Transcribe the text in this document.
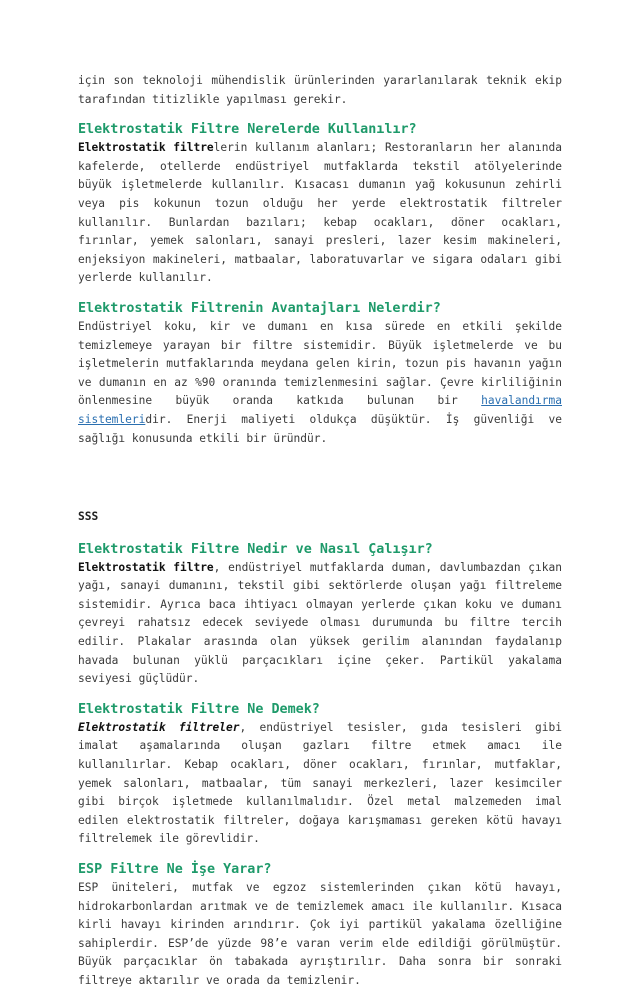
için son teknoloji mühendislik ürünlerinden yararlanılarak teknik ekip tarafından titizlikle yapılması gerekir.

Elektrostatik Filtre Nerelerde Kullanılır?

Elektrostatik filtrelerin kullanım alanları; Restoranların her alanında kafelerde, otellerde endüstriyel mutfaklarda tekstil atölyelerinde büyük işletmelerde kullanılır. Kısacası dumanın yağ kokusunun zehirli veya pis kokunun tozun olduğu her yerde elektrostatik filtreler kullanılır. Bunlardan bazıları; kebap ocakları, döner ocakları, fırınlar, yemek salonları, sanayi presleri, lazer kesim makineleri, enjeksiyon makineleri, matbaalar, laboratuvarlar ve sigara odaları gibi yerlerde kullanılır.

Elektrostatik Filtrenin Avantajları Nelerdir?

Endüstriyel koku, kir ve dumanı en kısa sürede en etkili şekilde temizlemeye yarayan bir filtre sistemidir. Büyük işletmelerde ve bu işletmelerin mutfaklarında meydana gelen kirin, tozun pis havanın yağın ve dumanın en az %90 oranında temizlenmesini sağlar. Çevre kirliliğinin önlenmesine büyük oranda katkıda bulunan bir havalandırma sistemleridir. Enerji maliyeti oldukça düşüktür. İş güvenliği ve sağlığı konusunda etkili bir üründür.

SSS
Elektrostatik Filtre Nedir ve Nasıl Çalışır?

Elektrostatik filtre, endüstriyel mutfaklarda duman, davlumbazdan çıkan yağı, sanayi dumanını, tekstil gibi sektörlerde oluşan yağı filtreleme sistemidir. Ayrıca baca ihtiyacı olmayan yerlerde çıkan koku ve dumanı çevreyi rahatsız edecek seviyede olması durumunda bu filtre tercih edilir. Plakalar arasında olan yüksek gerilim alanından faydalanıp havada bulunan yüklü parçacıkları içine çeker. Partikül yakalama seviyesi güçlüdür.

Elektrostatik Filtre Ne Demek?

Elektrostatik filtreler, endüstriyel tesisler, gıda tesisleri gibi imalat aşamalarında oluşan gazları filtre etmek amacı ile kullanılırlar. Kebap ocakları, döner ocakları, fırınlar, mutfaklar, yemek salonları, matbaalar, tüm sanayi merkezleri, lazer kesimciler gibi birçok işletmede kullanılmalıdır. Özel metal malzemeden imal edilen elektrostatik filtreler, doğaya karışmaması gereken kötü havayı filtrelemek ile görevlidir.

ESP Filtre Ne İşe Yarar?

ESP üniteleri, mutfak ve egzoz sistemlerinden çıkan kötü havayı, hidrokarbonlardan arıtmak ve de temizlemek amacı ile kullanılır. Kısaca kirli havayı kirinden arındırır. Çok iyi partikül yakalama özelliğine sahiplerdir. ESP’de yüzde 98’e varan verim elde edildiği görülmüştür. Büyük parçacıklar ön tabakada ayrıştırılır. Daha sonra bir sonraki filtreye aktarılır ve orada da temizlenir.
